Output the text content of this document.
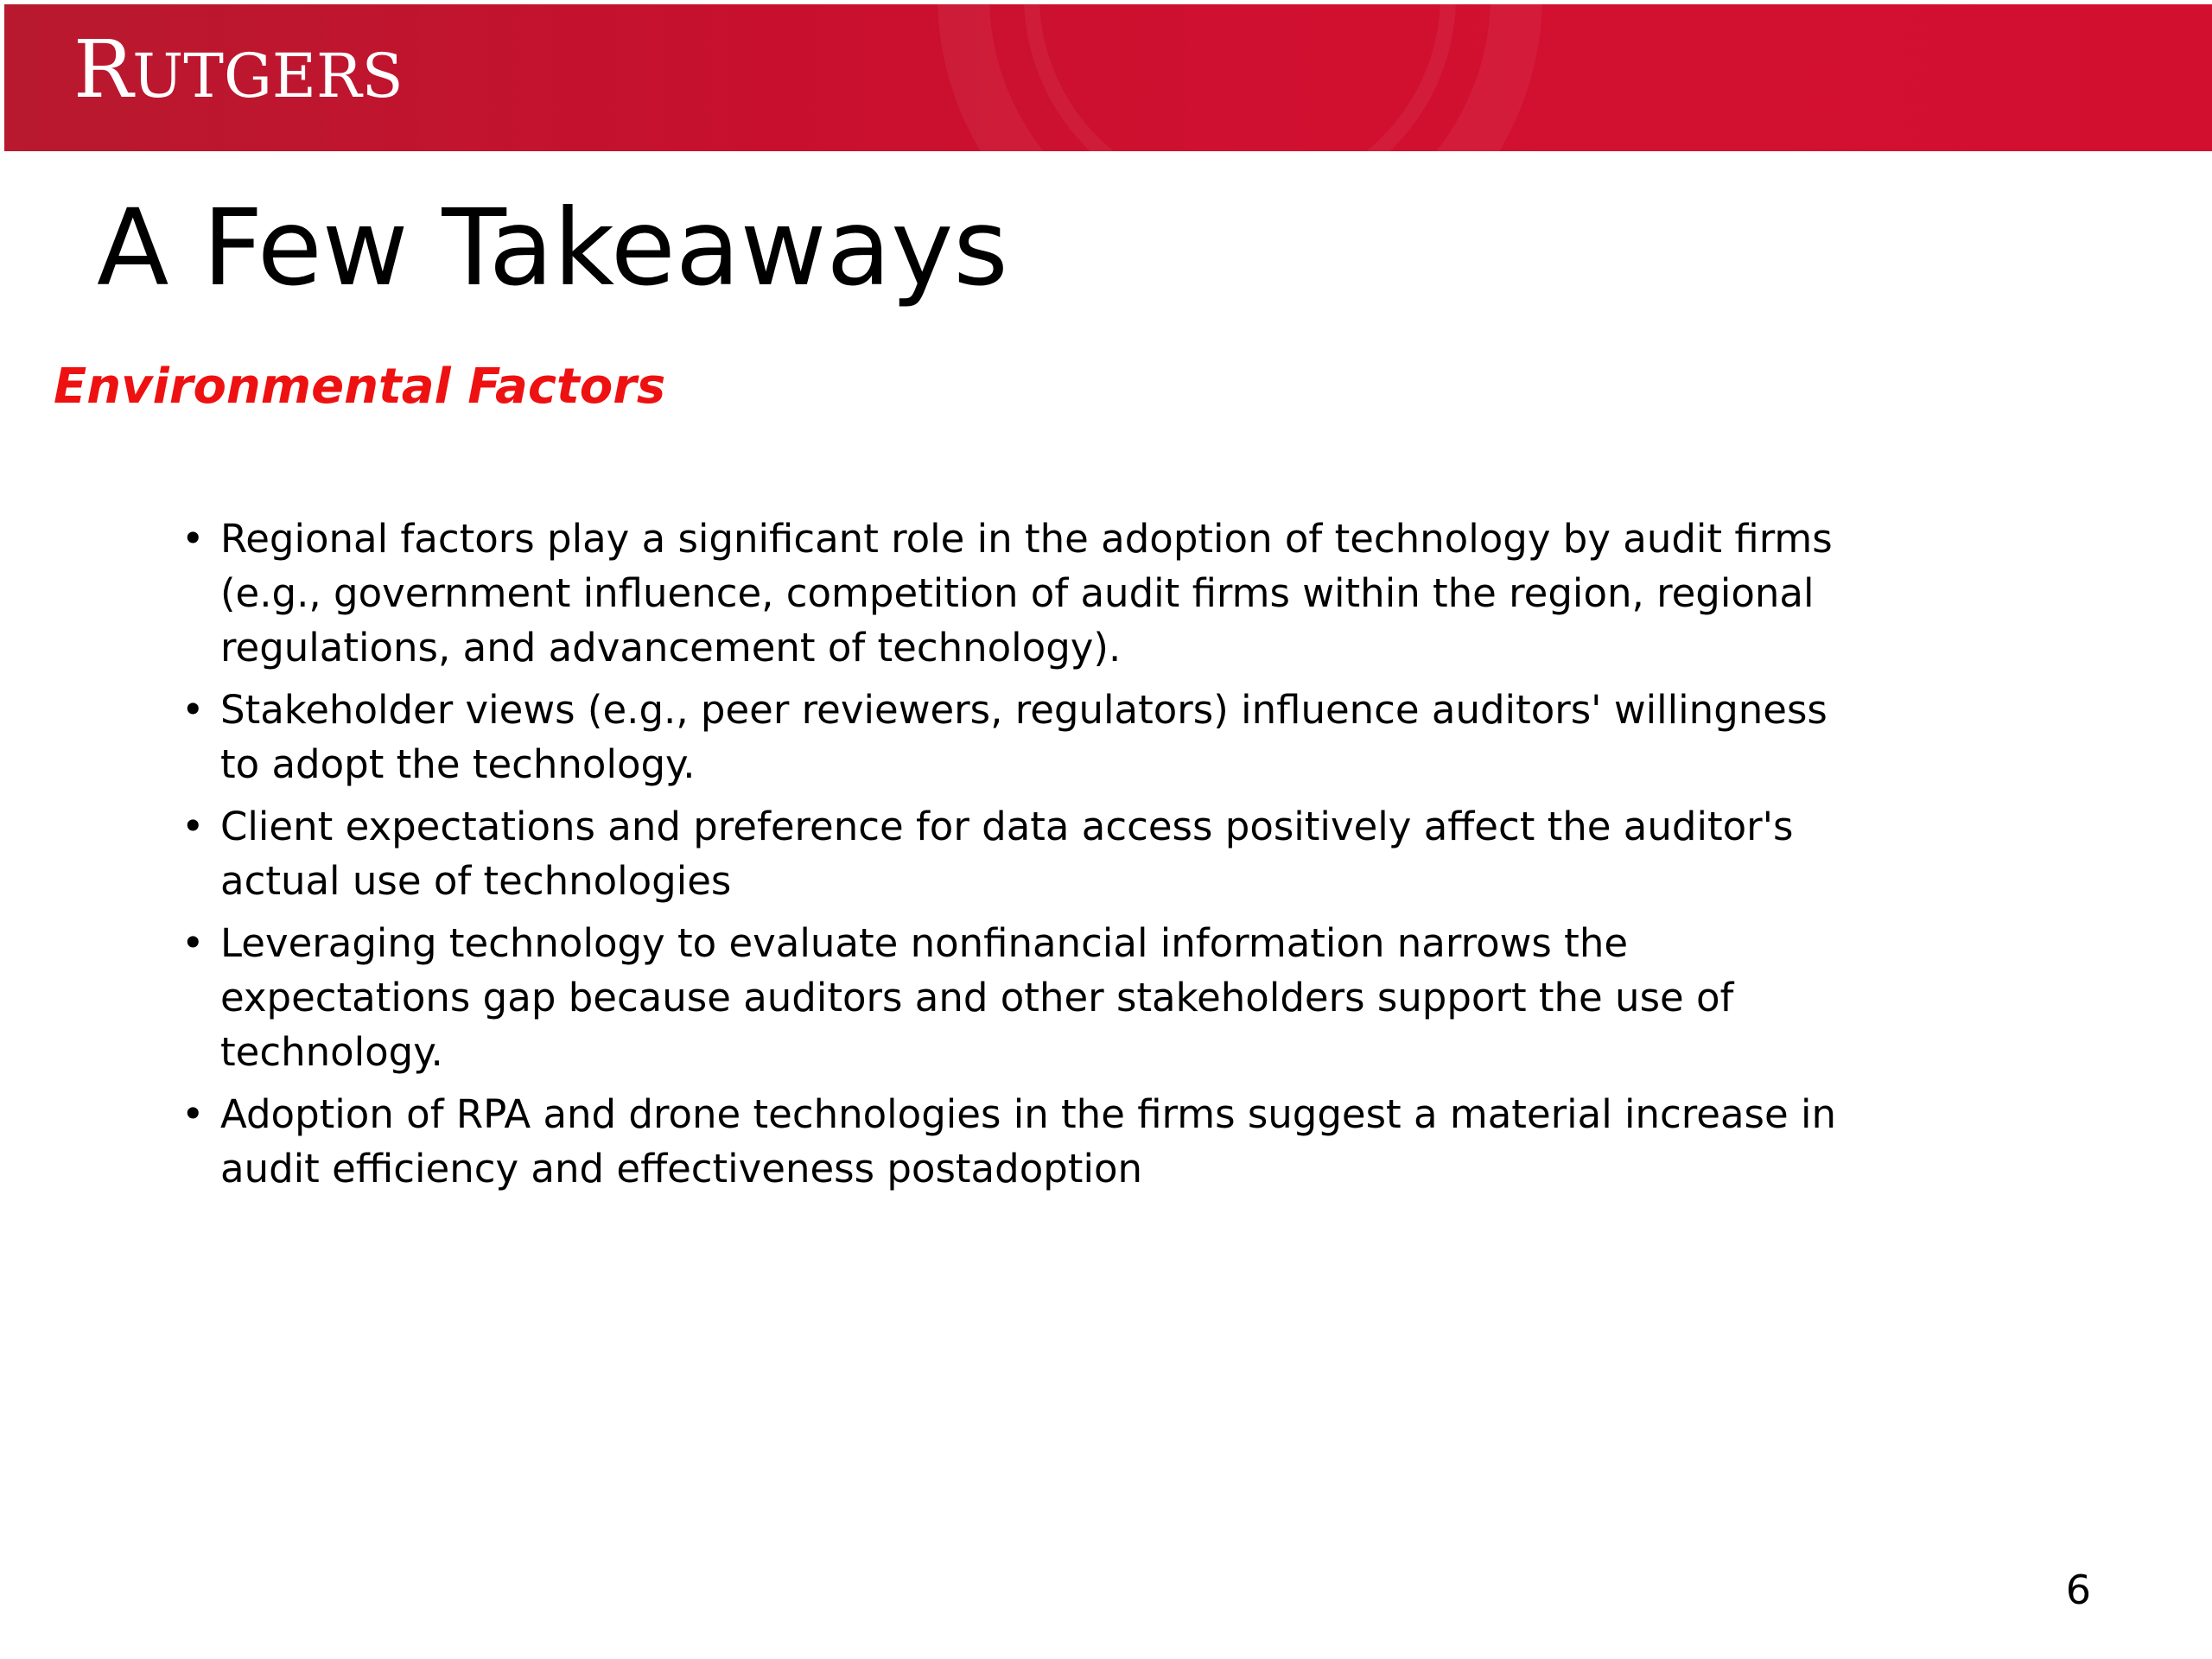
RUTGERS
A Few Takeaways
Environmental Factors
• Regional factors play a significant role in the adoption of technology by audit firms (e.g., government influence, competition of audit firms within the region, regional regulations, and advancement of technology).
• Stakeholder views (e.g., peer reviewers, regulators) influence auditors' willingness to adopt the technology.
• Client expectations and preference for data access positively affect the auditor's actual use of technologies
• Leveraging technology to evaluate nonfinancial information narrows the expectations gap because auditors and other stakeholders support the use of technology.
• Adoption of RPA and drone technologies in the firms suggest a material increase in audit efficiency and effectiveness postadoption
6
